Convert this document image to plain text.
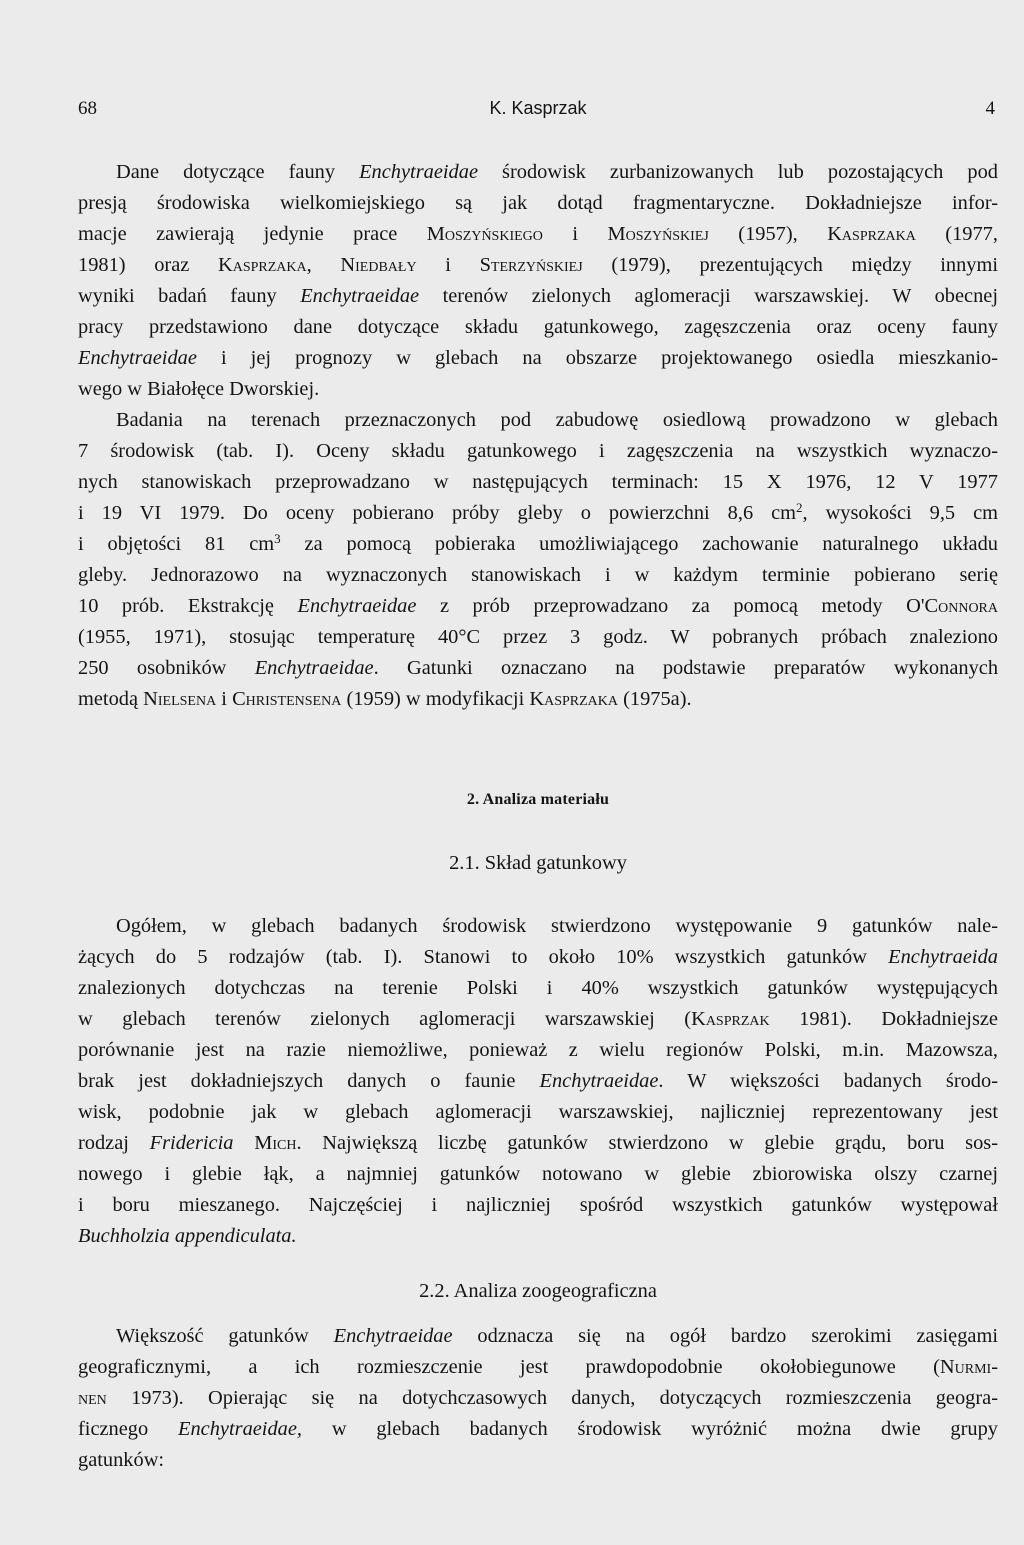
68	K. Kasprzak	4
Dane dotyczące fauny Enchytraeidae środowisk zurbanizowanych lub pozostających pod
presją środowiska wielkomiejskiego są jak dotąd fragmentaryczne. Dokładniejsze infor-
macje zawierają jedynie prace Moszyńskiego i Moszyńskiej (1957), Kasprzaka (1977,
1981) oraz Kasprzaka, Niedbały i Sterzyńskiej (1979), prezentujących między innymi
wyniki badań fauny Enchytraeidae terenów zielonych aglomeracji warszawskiej. W obecnej
pracy przedstawiono dane dotyczące składu gatunkowego, zagęszczenia oraz oceny fauny
Enchytraeidae i jej prognozy w glebach na obszarze projektowanego osiedla mieszkanio-
wego w Białołęce Dworskiej.
Badania na terenach przeznaczonych pod zabudowę osiedlową prowadzono w glebach
7 środowisk (tab. I). Oceny składu gatunkowego i zagęszczenia na wszystkich wyznaczo-
nych stanowiskach przeprowadzano w następujących terminach: 15 X 1976, 12 V 1977
i 19 VI 1979. Do oceny pobierano próby gleby o powierzchni 8,6 $cm^2$, wysokości 9,5 cm
i objętości 81 $cm^3$ za pomocą pobieraka umożliwiającego zachowanie naturalnego układu
gleby. Jednorazowo na wyznaczonych stanowiskach i w każdym terminie pobierano serię
10 prób. Ekstrakcję Enchytraeidae z prób przeprowadzano za pomocą metody O'Connora
(1955, 1971), stosując temperaturę 40°C przez 3 godz. W pobranych próbach znaleziono
250 osobników Enchytraeidae. Gatunki oznaczano na podstawie preparatów wykonanych
metodą Nielsena i Christensena (1959) w modyfikacji Kasprzaka (1975a).
2. Analiza materiału
2.1. Skład gatunkowy
Ogółem, w glebach badanych środowisk stwierdzono występowanie 9 gatunków nale-
żących do 5 rodzajów (tab. I). Stanowi to około 10% wszystkich gatunków Enchytraeida
znalezionych dotychczas na terenie Polski i 40% wszystkich gatunków występujących
w glebach terenów zielonych aglomeracji warszawskiej (Kasprzak 1981). Dokładniejsze
porównanie jest na razie niemożliwe, ponieważ z wielu regionów Polski, m.in. Mazowsza,
brak jest dokładniejszych danych o faunie Enchytraeidae. W większości badanych środo-
wisk, podobnie jak w glebach aglomeracji warszawskiej, najliczniej reprezentowany jest
rodzaj Fridericia Mich. Największą liczbę gatunków stwierdzono w glebie grądu, boru sos-
nowego i glebie łąk, a najmniej gatunków notowano w glebie zbiorowiska olszy czarnej
i boru mieszanego. Najczęściej i najliczniej spośród wszystkich gatunków występował
Buchholzia appendiculata.
2.2. Analiza zoogeograficzna
Większość gatunków Enchytraeidae odznacza się na ogół bardzo szerokimi zasięgami
geograficznymi, a ich rozmieszczenie jest prawdopodobnie okołobiegunowe (Nurmi-
nen 1973). Opierając się na dotychczasowych danych, dotyczących rozmieszczenia geogra-
ficznego Enchytraeidae, w glebach badanych środowisk wyróżnić można dwie grupy
gatunków:
